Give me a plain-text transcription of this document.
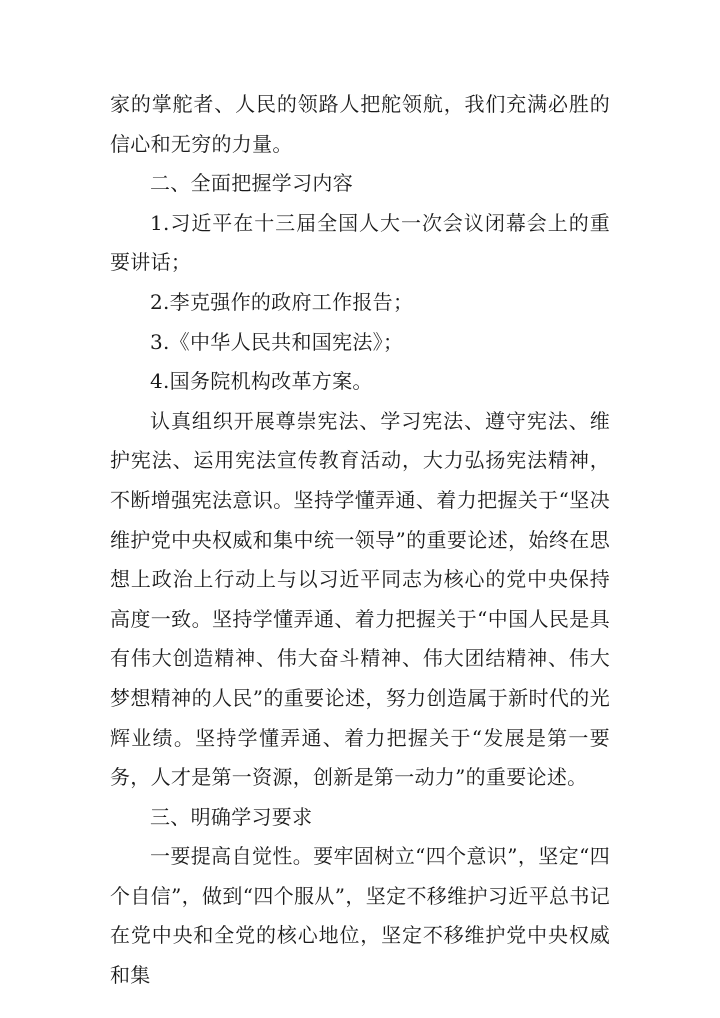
家的掌舵者、人民的领路人把舵领航，我们充满必胜的信心和无穷的力量。

二、全面把握学习内容

1.习近平在十三届全国人大一次会议闭幕会上的重要讲话；

2.李克强作的政府工作报告；

3.《中华人民共和国宪法》；

4.国务院机构改革方案。

认真组织开展尊崇宪法、学习宪法、遵守宪法、维护宪法、运用宪法宣传教育活动，大力弘扬宪法精神，不断增强宪法意识。坚持学懂弄通、着力把握关于“坚决维护党中央权威和集中统一领导”的重要论述，始终在思想上政治上行动上与以习近平同志为核心的党中央保持高度一致。坚持学懂弄通、着力把握关于“中国人民是具有伟大创造精神、伟大奋斗精神、伟大团结精神、伟大梦想精神的人民”的重要论述，努力创造属于新时代的光辉业绩。坚持学懂弄通、着力把握关于“发展是第一要务，人才是第一资源，创新是第一动力”的重要论述。

三、明确学习要求

一要提高自觉性。要牢固树立“四个意识”，坚定“四个自信”，做到“四个服从”，坚定不移维护习近平总书记在党中央和全党的核心地位，坚定不移维护党中央权威和集
